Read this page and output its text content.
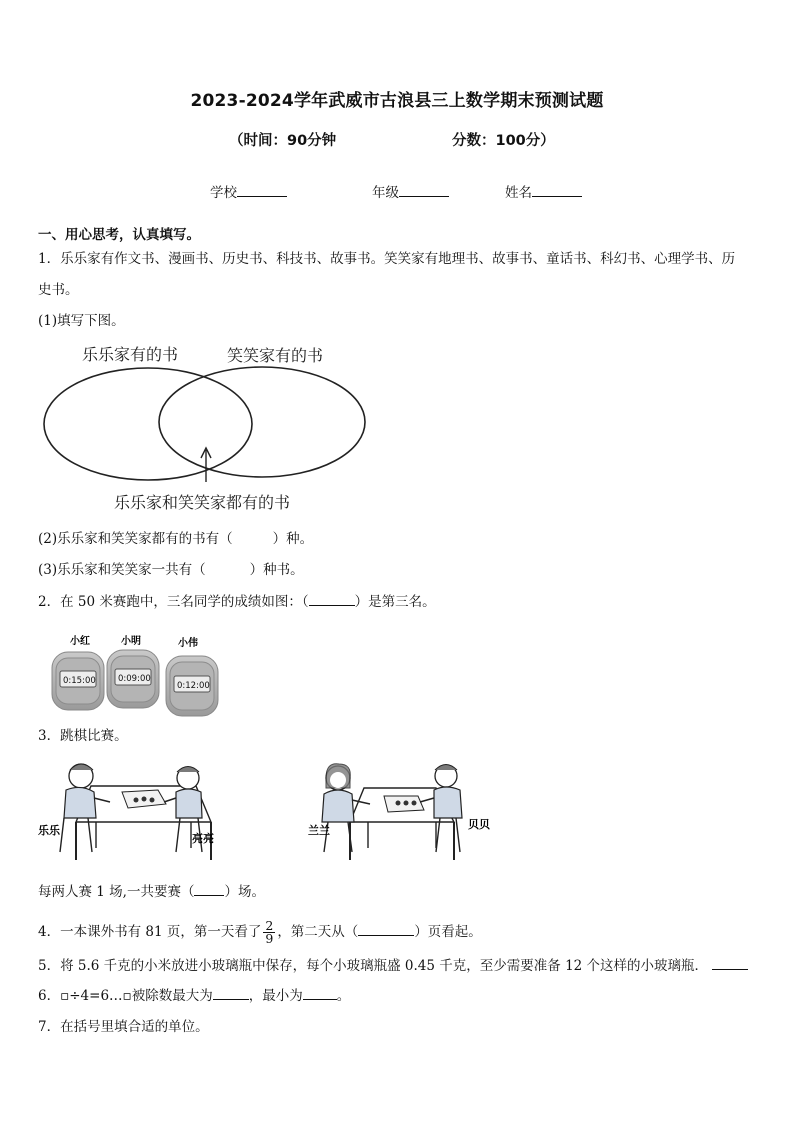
2023-2024学年武威市古浪县三上数学期末预测试题
（时间：90分钟	分数：100分）
学校	年级	姓名
一、用心思考，认真填写。
1．乐乐家有作文书、漫画书、历史书、科技书、故事书。笑笑家有地理书、故事书、童话书、科幻书、心理学书、历
史书。
(1)填写下图。
乐乐家有的书	笑笑家有的书
乐乐家和笑笑家都有的书
(2)乐乐家和笑笑家都有的书有（	）种。
(3)乐乐家和笑笑家一共有（	）种书。
2．在 50 米赛跑中，三名同学的成绩如图：（	）是第三名。
小红
0:15:00
小明
0:09:00
小伟
0:12:00
3．跳棋比赛。
乐乐
亮亮
兰兰	贝贝
每两人赛 1 场,一共要赛（ ）场。
4．一本课外书有 81 页，第一天看了 $\frac{2}{9}$ ，第二天从（	）页看起。
5．将 5.6 千克的小米放进小玻璃瓶中保存，每个小玻璃瓶盛 0.45 千克，至少需要准备 12 个这样的小玻璃瓶．
6．▫÷4=6…▫被除数最大为	，最小为	。
7．在括号里填合适的单位。
